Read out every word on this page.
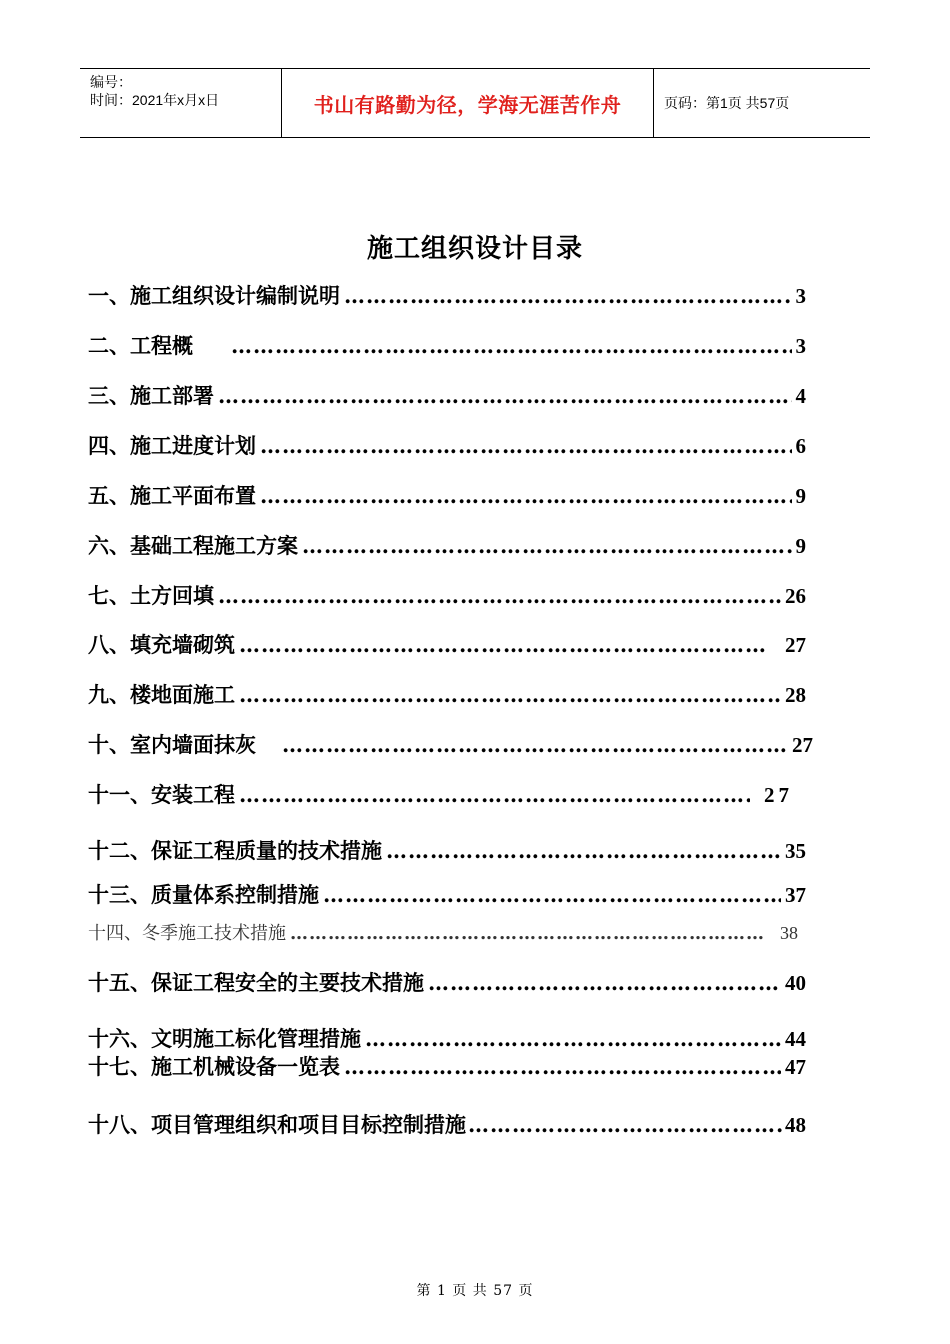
编号：
时间：2021年x月x日	书山有路勤为径，学海无涯苦作舟	页码：第1页 共57页
施工组织设计目录
一、施工组织设计编制说明 ……………………………………………………………………………………………………………………………………………………………	3
二、工程概 ……………………………………………………………………………………………………………………………………………………………	3
三、施工部署 ……………………………………………………………………………………………………………………………………………………………	4
四、施工进度计划 ……………………………………………………………………………………………………………………………………………………………	6
五、施工平面布置 ……………………………………………………………………………………………………………………………………………………………	9
六、基础工程施工方案 ……………………………………………………………………………………………………………………………………………………………	9
七、土方回填 ……………………………………………………………………………………………………………………………………………………………	26
八、填充墙砌筑 ……………………………………………………………………………………………………………………………………………………………	27
九、楼地面施工 ……………………………………………………………………………………………………………………………………………………………	28
十、室内墙面抹灰 ……………………………………………………………………………………………………………………………………………………………	27
十一、安装工程 ……………………………………………………………………………………………………………………………………………………………	27
十二、保证工程质量的技术措施 ……………………………………………………………………………………………………………………………………………………………	35
十三、质量体系控制措施 ……………………………………………………………………………………………………………………………………………………………	37
十四、冬季施工技术措施 ……………………………………………………………………………………………………………………………………………………………	38
十五、保证工程安全的主要技术措施 ……………………………………………………………………………………………………………………………………………………………	40
十六、文明施工标化管理措施 ……………………………………………………………………………………………………………………………………………………………	44
十七、施工机械设备一览表 ……………………………………………………………………………………………………………………………………………………………	47
十八、项目管理组织和项目目标控制措施 ……………………………………………………………………………………………………………………………………………………………	48
第 1 页 共 57 页
